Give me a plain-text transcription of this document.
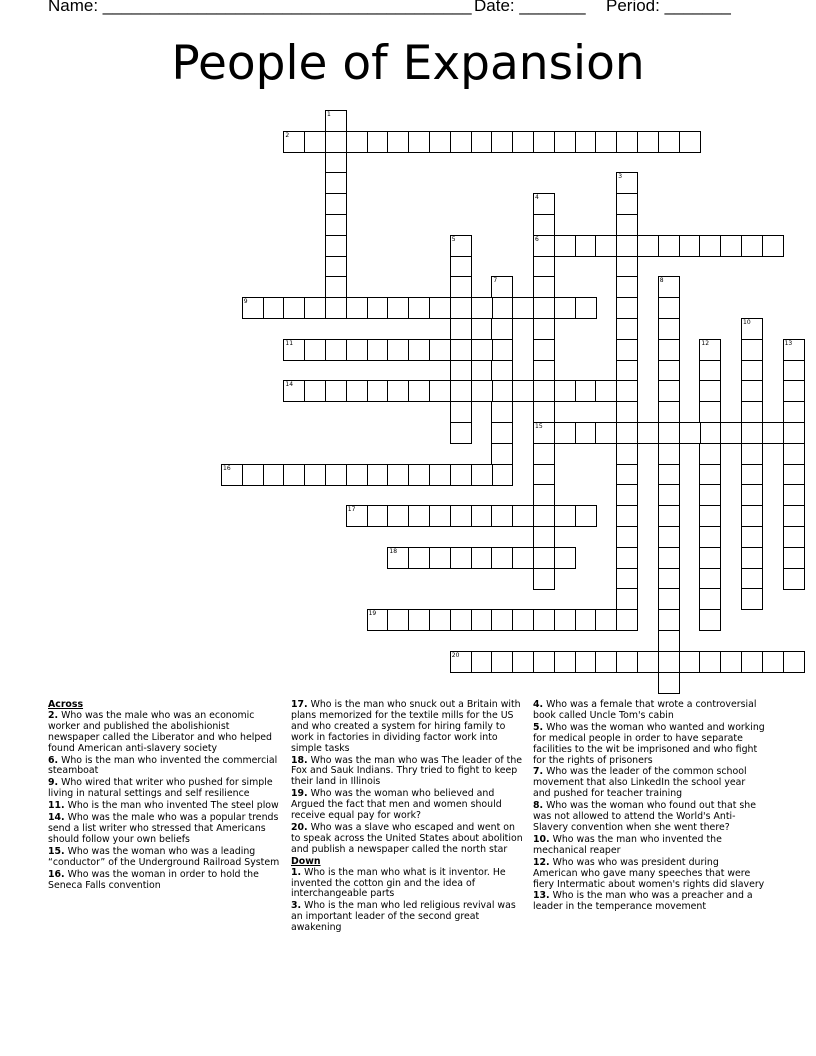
Name: _______________________________________ Date: _______ Period: _______
People of Expansion
1
2
3
4
6
15
5
7	8
9
10
11	12	13
14
16
17
18
19
20
Across
2. Who was the male who was an economic worker and published the abolishionist newspaper called the Liberator and who helped found American anti-slavery society
6. Who is the man who invented the commercial steamboat
9. Who wired that writer who pushed for simple living in natural settings and self resilience
11. Who is the man who invented The steel plow
14. Who was the male who was a popular trends send a list writer who stressed that Americans should follow your own beliefs
15. Who was the woman who was a leading “conductor” of the Underground Railroad System
16. Who was the woman in order to hold the Seneca Falls convention
17. Who is the man who snuck out a Britain with plans memorized for the textile mills for the US and who created a system for hiring family to work in factories in dividing factor work into simple tasks
18. Who was the man who was The leader of the Fox and Sauk Indians. Thry tried to fight to keep their land in Illinois
19. Who was the woman who believed and Argued the fact that men and women should receive equal pay for work?
20. Who was a slave who escaped and went on to speak across the United States about abolition and publish a newspaper called the north star
Down
1. Who is the man who what is it inventor. He invented the cotton gin and the idea of interchangeable parts
3. Who is the man who led religious revival was an important leader of the second great awakening
4. Who was a female that wrote a controversial book called Uncle Tom's cabin
5. Who was the woman who wanted and working for medical people in order to have separate facilities to the wit be imprisoned and who fight for the rights of prisoners
7. Who was the leader of the common school movement that also LinkedIn the school year and pushed for teacher training
8. Who was the woman who found out that she was not allowed to attend the World's Anti-Slavery convention when she went there?
10. Who was the man who invented the mechanical reaper
12. Who was who was president during American who gave many speeches that were fiery Intermatic about women's rights did slavery
13. Who is the man who was a preacher and a leader in the temperance movement
